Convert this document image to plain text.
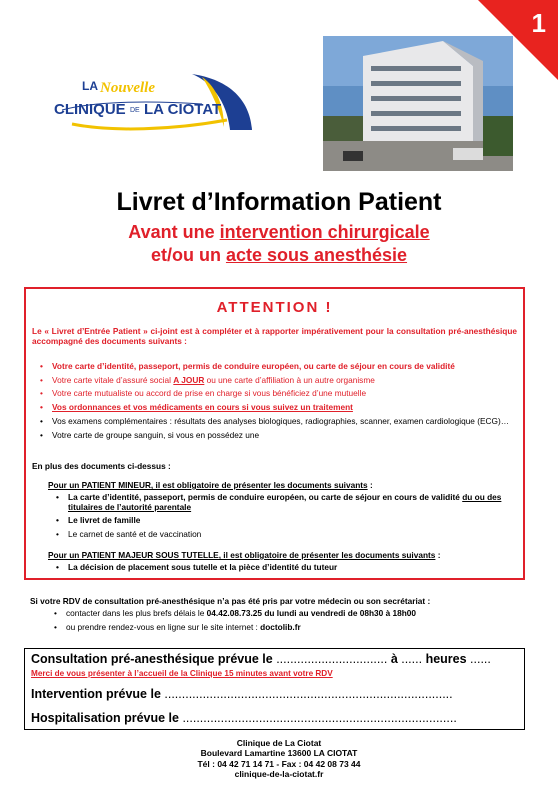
1
LA Nouvelle
CLINIQUE DE LA CIOTAT
Livret d’Information Patient
Avant une intervention chirurgicale
et/ou un acte sous anesthésie
ATTENTION !
Le « Livret d’Entrée Patient » ci-joint est à compléter et à rapporter impérativement pour la consultation pré-anesthésique accompagné des documents suivants :
• Votre carte d’identité, passeport, permis de conduire européen, ou carte de séjour en cours de validité
• Votre carte vitale d’assuré social A JOUR ou une carte d’affiliation à un autre organisme
• Votre carte mutualiste ou accord de prise en charge si vous bénéficiez d’une mutuelle
• Vos ordonnances et vos médicaments en cours si vous suivez un traitement
• Vos examens complémentaires : résultats des analyses biologiques, radiographies, scanner, examen cardiologique (ECG)…
• Votre carte de groupe sanguin, si vous en possédez une
En plus des documents ci-dessus :
Pour un PATIENT MINEUR, il est obligatoire de présenter les documents suivants :
• La carte d’identité, passeport, permis de conduire européen, ou carte de séjour en cours de validité du ou des titulaires de l’autorité parentale
• Le livret de famille
• Le carnet de santé et de vaccination
Pour un PATIENT MAJEUR SOUS TUTELLE, il est obligatoire de présenter les documents suivants :
• La décision de placement sous tutelle et la pièce d’identité du tuteur
Si votre RDV de consultation pré-anesthésique n’a pas été pris par votre médecin ou son secrétariat :
• contacter dans les plus brefs délais le 04.42.08.73.25 du lundi au vendredi de 08h30 à 18h00
• ou prendre rendez-vous en ligne sur le site internet : doctolib.fr
Consultation pré-anesthésique prévue le ................................ à ...... heures ......
Merci de vous présenter à l’accueil de la Clinique 15 minutes avant votre RDV
Intervention prévue le ...................................................................................
Hospitalisation prévue le ...............................................................................
Clinique de La Ciotat
Boulevard Lamartine 13600 LA CIOTAT
Tél : 04 42 71 14 71 - Fax : 04 42 08 73 44
clinique-de-la-ciotat.fr
